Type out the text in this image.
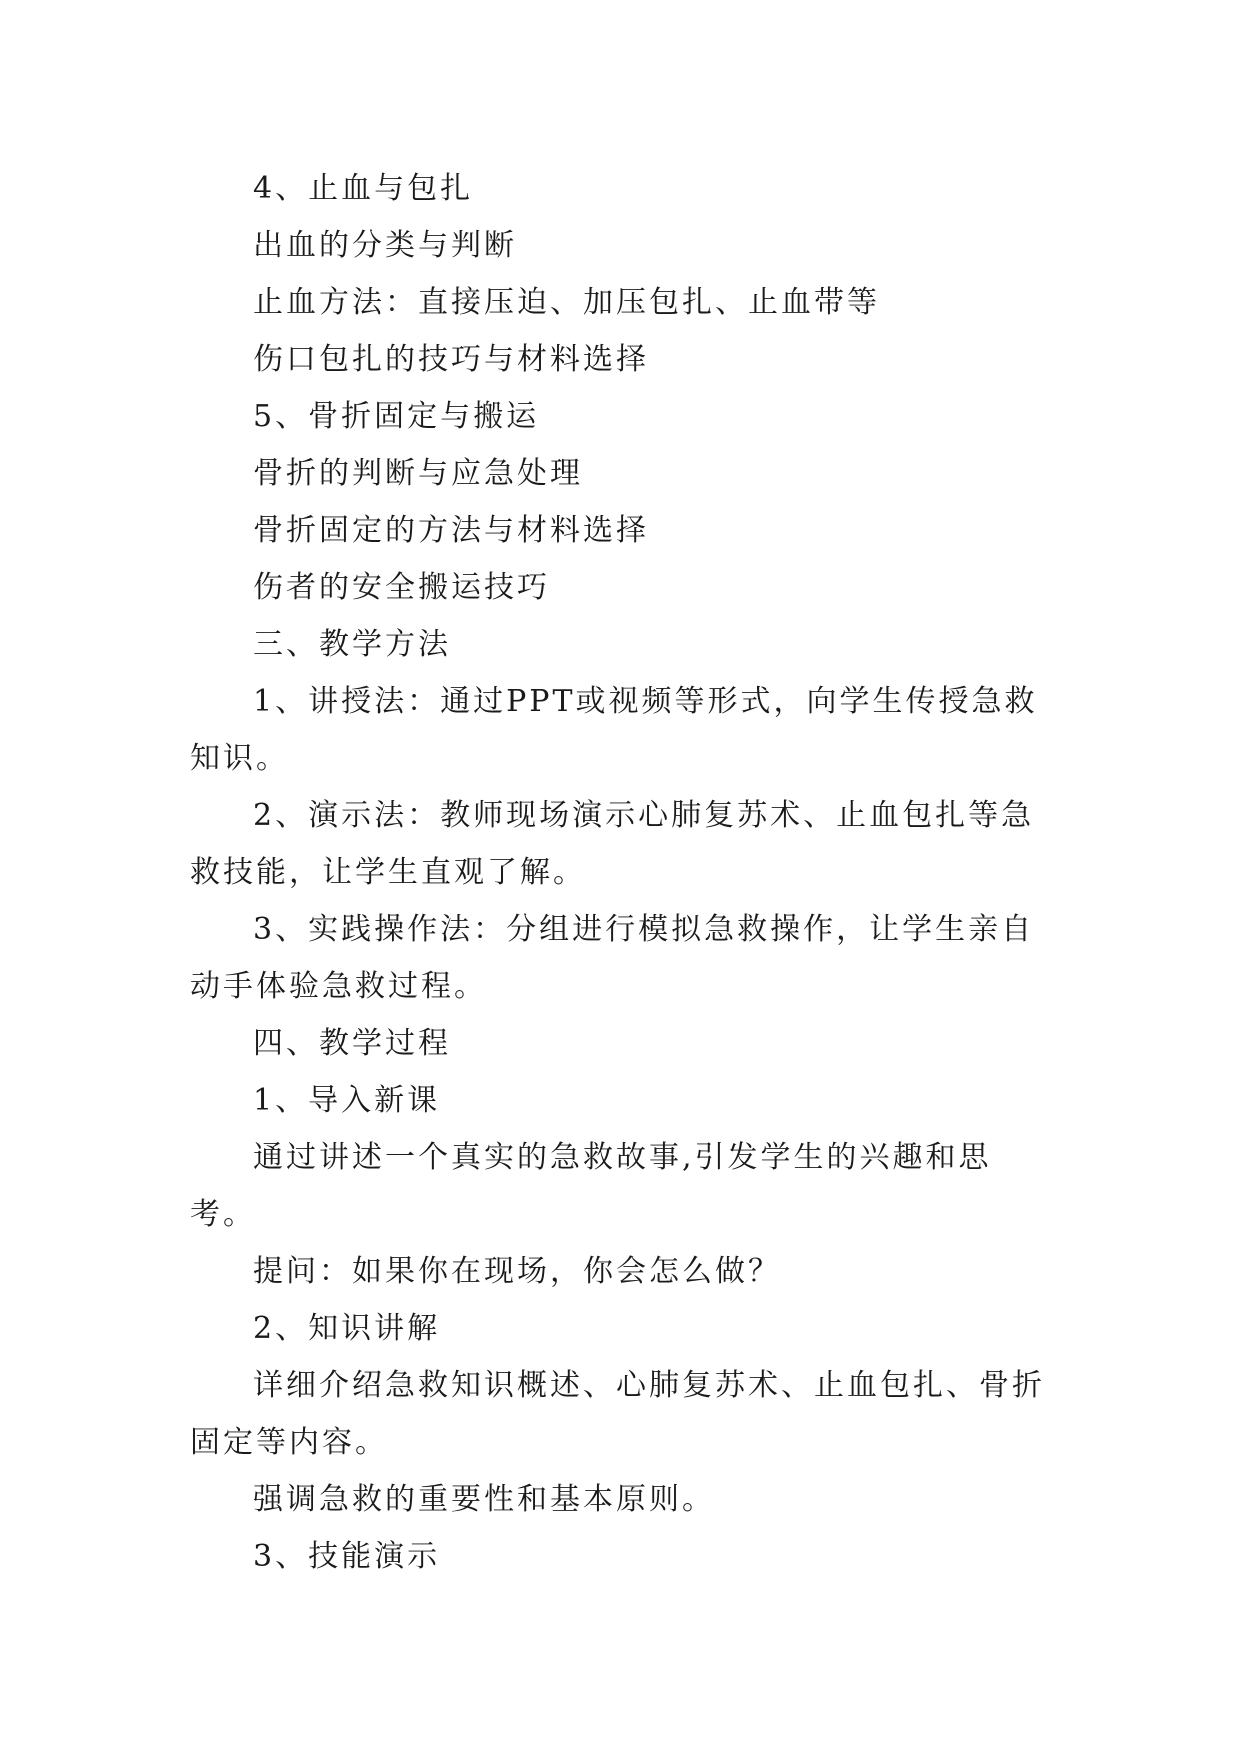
4、止血与包扎

出血的分类与判断

止血方法：直接压迫、加压包扎、止血带等

伤口包扎的技巧与材料选择

5、骨折固定与搬运

骨折的判断与应急处理

骨折固定的方法与材料选择

伤者的安全搬运技巧

三、教学方法

1、讲授法：通过PPT或视频等形式，向学生传授急救知识。

2、演示法：教师现场演示心肺复苏术、止血包扎等急救技能，让学生直观了解。

3、实践操作法：分组进行模拟急救操作，让学生亲自动手体验急救过程。

四、教学过程

1、导入新课

通过讲述一个真实的急救故事,引发学生的兴趣和思考。

提问：如果你在现场，你会怎么做？

2、知识讲解

详细介绍急救知识概述、心肺复苏术、止血包扎、骨折固定等内容。

强调急救的重要性和基本原则。

3、技能演示
